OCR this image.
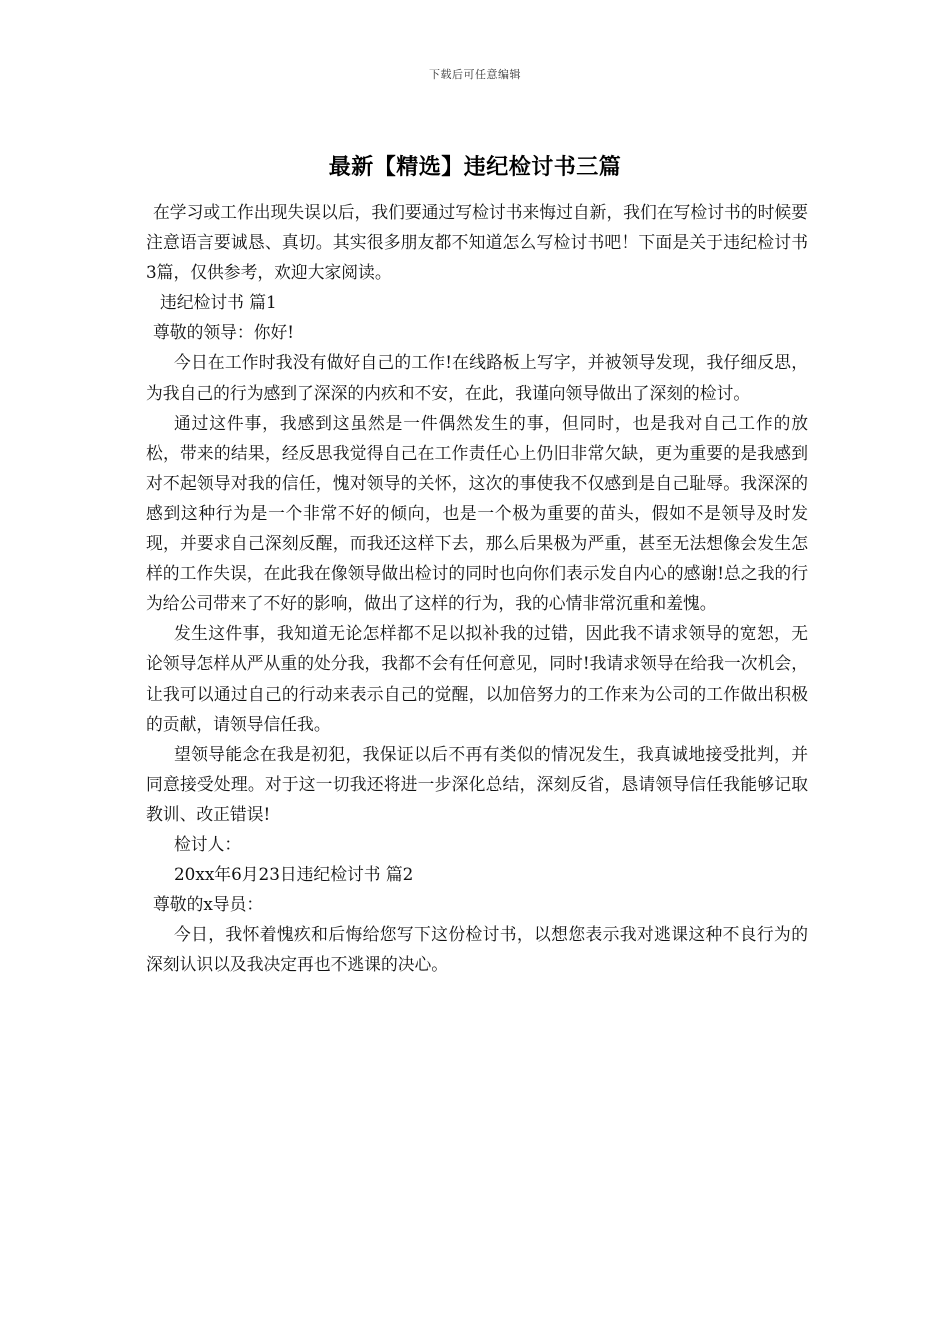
下载后可任意编辑
最新【精选】违纪检讨书三篇

在学习或工作出现失误以后，我们要通过写检讨书来悔过自新，我们在写检讨书的时候要注意语言要诚恳、真切。其实很多朋友都不知道怎么写检讨书吧！下面是关于违纪检讨书3篇，仅供参考，欢迎大家阅读。

违纪检讨书 篇1

尊敬的领导：你好!

今日在工作时我没有做好自己的工作!在线路板上写字，并被领导发现，我仔细反思，为我自己的行为感到了深深的内疚和不安，在此，我谨向领导做出了深刻的检讨。

通过这件事，我感到这虽然是一件偶然发生的事，但同时，也是我对自己工作的放松，带来的结果，经反思我觉得自己在工作责任心上仍旧非常欠缺，更为重要的是我感到对不起领导对我的信任，愧对领导的关怀，这次的事使我不仅感到是自己耻辱。我深深的感到这种行为是一个非常不好的倾向，也是一个极为重要的苗头，假如不是领导及时发现，并要求自己深刻反醒，而我还这样下去，那么后果极为严重，甚至无法想像会发生怎样的工作失误，在此我在像领导做出检讨的同时也向你们表示发自内心的感谢!总之我的行为给公司带来了不好的影响，做出了这样的行为，我的心情非常沉重和羞愧。

发生这件事，我知道无论怎样都不足以拟补我的过错，因此我不请求领导的宽恕，无论领导怎样从严从重的处分我，我都不会有任何意见，同时!我请求领导在给我一次机会，让我可以通过自己的行动来表示自己的觉醒，以加倍努力的工作来为公司的工作做出积极的贡献，请领导信任我。

望领导能念在我是初犯，我保证以后不再有类似的情况发生，我真诚地接受批判，并同意接受处理。对于这一切我还将进一步深化总结，深刻反省，恳请领导信任我能够记取教训、改正错误!

检讨人：

20xx年6月23日违纪检讨书 篇2

尊敬的x导员：

今日，我怀着愧疚和后悔给您写下这份检讨书，以想您表示我对逃课这种不良行为的深刻认识以及我决定再也不逃课的决心。
